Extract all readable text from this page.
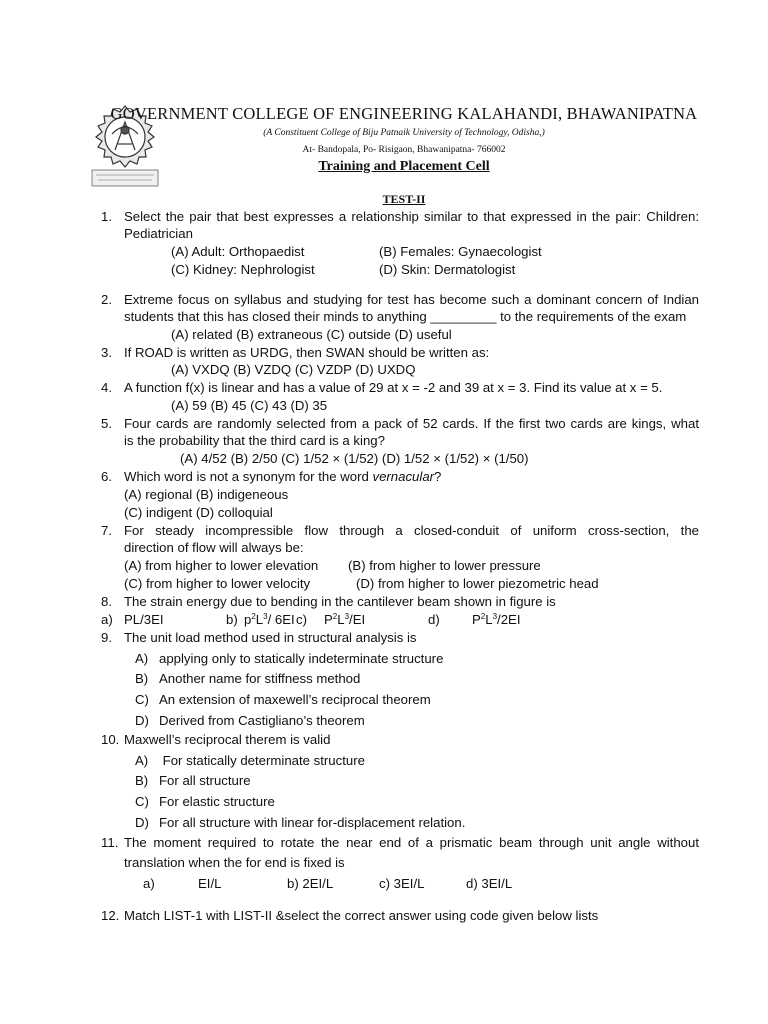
GOVERNMENT COLLEGE OF ENGINEERING KALAHANDI, BHAWANIPATNA
(A Constituent College of Biju Patnaik University of Technology, Odisha,)
At- Bandopala, Po- Risigaon, Bhawanipatna- 766002
Training and Placement Cell
TEST-II
1. Select the pair that best expresses a relationship similar to that expressed in the pair: Children:
Pediatrician
(A) Adult: Orthopaedist	(B) Females: Gynaecologist
(C) Kidney: Nephrologist	(D) Skin: Dermatologist
2. Extreme focus on syllabus and studying for test has become such a dominant concern of Indian
students that this has closed their minds to anything _________ to the requirements of the exam
(A) related (B) extraneous (C) outside (D) useful
3. If ROAD is written as URDG, then SWAN should be written as:
(A) VXDQ (B) VZDQ (C) VZDP (D) UXDQ
4. A function f(x) is linear and has a value of 29 at x = -2 and 39 at x = 3. Find its value at x = 5.
(A) 59 (B) 45 (C) 43 (D) 35
5. Four cards are randomly selected from a pack of 52 cards. If the first two cards are kings, what
is the probability that the third card is a king?
(A) 4/52 (B) 2/50 (C) 1/52 × (1/52) (D) 1/52 × (1/52) × (1/50)
6. Which word is not a synonym for the word vernacular?
(A) regional (B) indigeneous
(C) indigent (D) colloquial
7. For steady incompressible flow through a closed-conduit of uniform cross-section, the
direction of flow will always be:
(A) from higher to lower elevation (B) from higher to lower pressure
(C) from higher to lower velocity	(D) from higher to lower piezometric head
8. The strain energy due to bending in the cantilever beam shown in figure is
a) PL/3EI	b) $p^2L^3/$ 6EI c) $P^2L^3/EI$	d) $P^2L^3/2EI$
9. The unit load method used in structural analysis is
A) applying only to statically indeterminate structure
B) Another name for stiffness method
C) An extension of maxewell’s reciprocal theorem
D) Derived from Castigliano’s theorem
10. Maxwell’s reciprocal therem is valid
A) For statically determinate structure
B) For all structure
C) For elastic structure
D) For all structure with linear for-displacement relation.
11. The moment required to rotate the near end of a prismatic beam through unit angle without
translation when the for end is fixed is
a)	EI/L	b) 2EI/L	c) 3EI/L	d) 3EI/L
12. Match LIST-1 with LIST-II &select the correct answer using code given below lists
